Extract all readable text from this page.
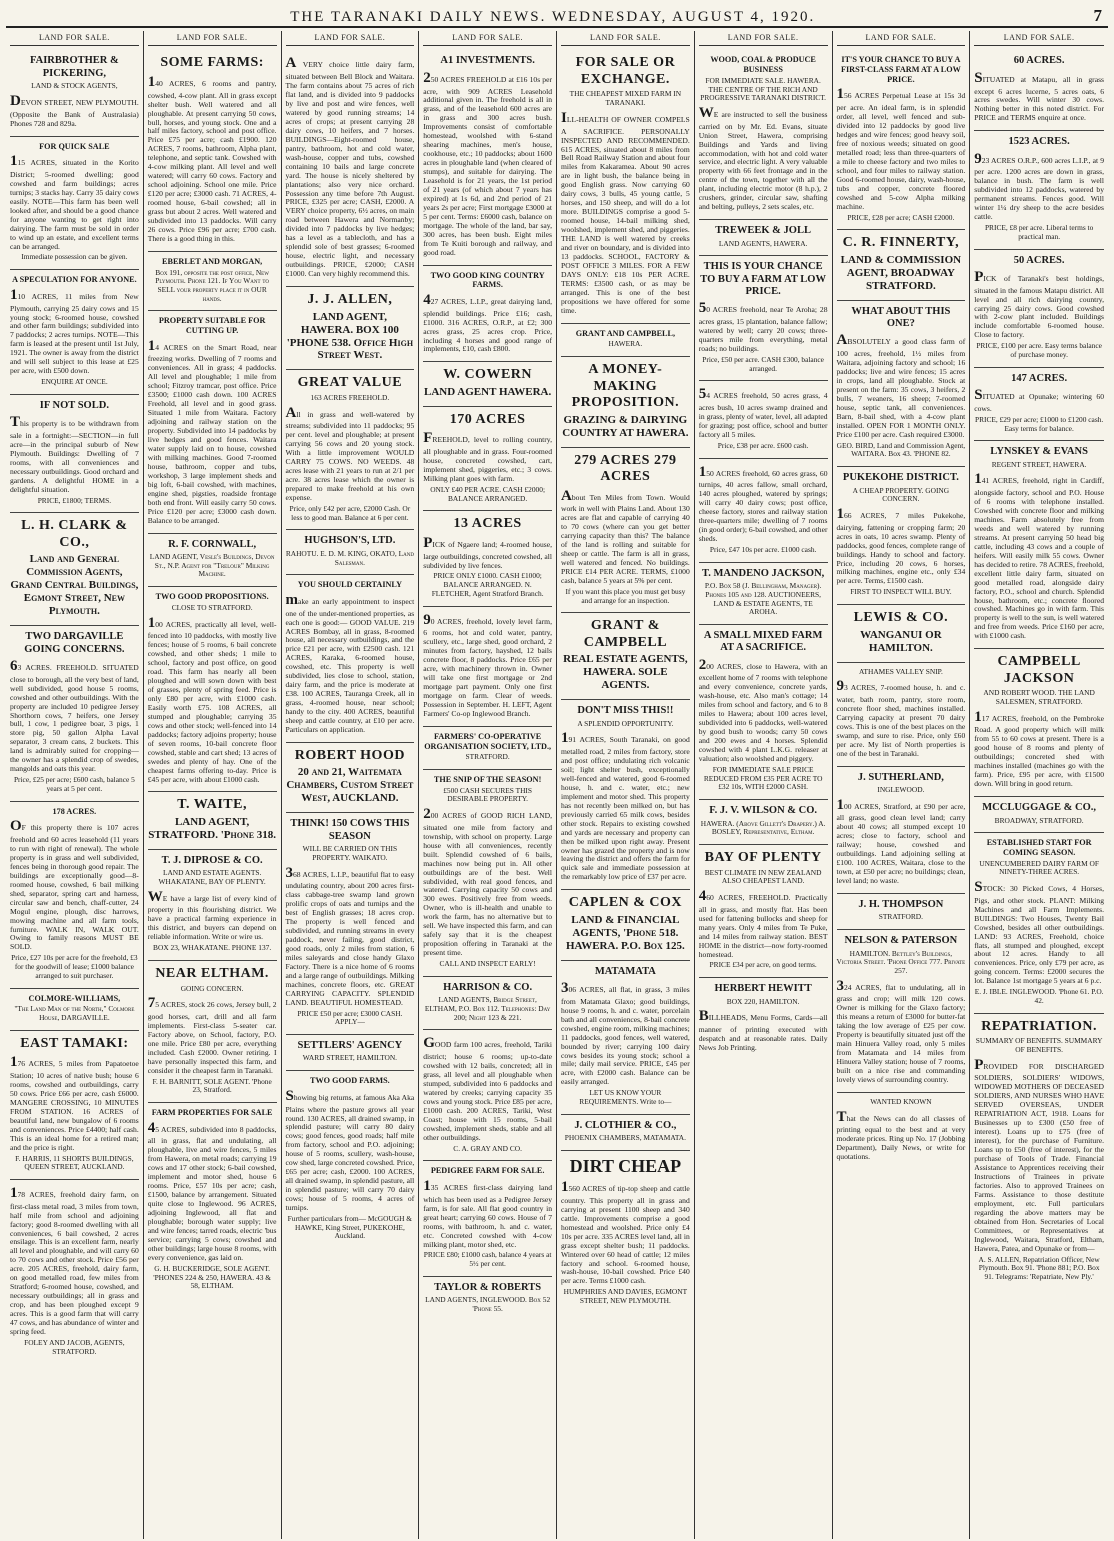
THE TARANAKI DAILY NEWS. WEDNESDAY, AUGUST 4, 1920.	7
LAND FOR SALE.
FAIRBROTHER & PICKERING,
LAND & STOCK AGENTS,
DEVON STREET, NEW PLYMOUTH. (Opposite the Bank of Australasia) Phones 728 and 829a.
FOR QUICK SALE
115 ACRES, situated in the Korito District; 5-roomed dwelling; good cowshed and farm buildings; acres turnips; 3 stacks hay. Carry 35 dairy cows easily. NOTE—This farm has been well looked after, and should be a good chance for anyone wanting to get right into dairying. The farm must be sold in order to wind up an estate, and excellent terms can be arranged.
Immediate possession can be given.
A SPECULATION FOR ANYONE.
110 ACRES, 11 miles from New Plymouth, carrying 25 dairy cows and 15 young stock; 6-roomed house, cowshed and other farm buildings; subdivided into 7 paddocks; 2 acres turnips. NOTE—This farm is leased at the present until 1st July, 1921. The owner is away from the district and will sell subject to this lease at £25 per acre, with £500 down.
ENQUIRE AT ONCE.
IF NOT SOLD.
This property is to be withdrawn from sale in a fortnight:—SECTION—in full acre—in the principal suburb of New Plymouth. Buildings: Dwelling of 7 rooms, with all conveniences and necessary outbuildings. Good orchard and gardens. A delightful HOME in a delightful situation.
PRICE, £1800; TERMS.
L. H. CLARK & CO.,
Land and General Commission Agents, Grand Central Buildings, Egmont Street, New Plymouth.
TWO DARGAVILLE GOING CONCERNS.
63 ACRES. FREEHOLD. SITUATED close to borough, all the very best of land, well subdivided, good house 5 rooms, cowshed and other outbuildings. With the property are included 10 pedigree Jersey Shorthorn cows, 7 heifers, one Jersey bull, 1 cow, 1 pedigree boar, 3 pigs, 1 store pig, 50 gallon Alpha Laval separator, 3 cream cans, 2 buckets. This land is admirably suited for cropping—the owner has a splendid crop of swedes, mangolds and oats this year.
Price, £25 per acre; £600 cash, balance 5 years at 5 per cent.
178 ACRES.
OF this property there is 107 acres freehold and 60 acres leasehold (11 years to run with right of renewal). The whole property is in grass and well subdivided, fences being in thorough good repair. The buildings are exceptionally good—8-roomed house, cowshed, 6 bail milking shed, separator, spring cart and harness, circular saw and bench, chaff-cutter, 24 Mogul engine, plough, disc harrows, mowing machine and all farm tools, furniture. WALK IN, WALK OUT. Owing to family reasons MUST BE SOLD.
Price, £27 10s per acre for the freehold, £3 for the goodwill of lease; £1000 balance arranged to suit purchaser.
COLMORE-WILLIAMS,
"The Land Man of the North," Colmore House, DARGAVILLE.
EAST TAMAKI:
176 ACRES, 5 miles from Papatoetoe Station; 10 acres of native bush; house 6 rooms, cowshed and outbuildings, carry 50 cows. Price £66 per acre, cash £6000. MANGERE CROSSING, 10 MINUTES FROM STATION. 16 ACRES of beautiful land, new bungalow of 6 rooms and conveniences. Price £4400; half cash. This is an ideal home for a retired man; and the price is right.
F. HARRIS, 11 SHORTS BUILDINGS, QUEEN STREET, AUCKLAND.
178 ACRES, freehold dairy farm, on first-class metal road, 3 miles from town, half mile from school and adjoining factory; good 8-roomed dwelling with all conveniences, 6 bail cowshed, 2 acres ensilage. This is an excellent farm, nearly all level and ploughable, and will carry 60 to 70 cows and other stock. Price £56 per acre. 205 ACRES, freehold, dairy farm, on good metalled road, few miles from Stratford; 6-roomed house, cowshed, and necessary outbuildings; all in grass and crop, and has been ploughed except 9 acres. This is a good farm that will carry 47 cows, and has abundance of winter and spring feed.
FOLEY AND JACOB, AGENTS, STRATFORD.
LAND FOR SALE.
SOME FARMS:
140 ACRES, 6 rooms and pantry, cowshed, 4-cow plant. All in grass except shelter bush. Well watered and all ploughable. At present carrying 50 cows, bull, horses, and young stock. One and a half miles factory, school and post office. Price £75 per acre; cash £1900. 120 ACRES, 7 rooms, bathroom, Alpha plant, telephone, and septic tank. Cowshed with 4-cow milking plant. All level and well watered; will carry 60 cows. Factory and school adjoining. School one mile. Price £120 per acre; £3000 cash. 71 ACRES, 4-roomed house, 6-bail cowshed; all in grass but about 2 acres. Well watered and subdivided into 13 paddocks. Will carry 26 cows. Price £96 per acre; £700 cash. There is a good thing in this.
EBERLET AND MORGAN,
Box 191, opposite the post office, New Plymouth. Phone 121. If You Want to SELL your property place it in OUR hands.
PROPERTY SUITABLE FOR CUTTING UP.
14 ACRES on the Smart Road, near freezing works. Dwelling of 7 rooms and conveniences. All in grass; 4 paddocks. All level and ploughable; 1 mile from school; Fitzroy tramcar, post office. Price £3500; £1000 cash down. 100 ACRES Freehold, all level and in good grass. Situated 1 mile from Waitara. Factory adjoining and railway station on the property. Subdivided into 14 paddocks by live hedges and good fences. Waitara water supply laid on to house, cowshed with milking machines. Good 7-roomed house, bathroom, copper and tubs, workshop, 3 large implement sheds and big loft, 6-bail cowshed, with machines, engine shed, pigsties, roadside frontage both end front. Will easily carry 50 cows. Price £120 per acre; £3000 cash down. Balance to be arranged.
R. F. CORNWALL,
LAND AGENT, Vesle's Buildings, Devon St., N.P. Agent for "Trelour" Milking Machine.
TWO GOOD PROPOSITIONS.
CLOSE TO STRATFORD.
100 ACRES, practically all level, well-fenced into 10 paddocks, with mostly live fences; house of 5 rooms, 6 bail concrete cowshed, and other sheds; 1 mile to school, factory and post office, on good road. This farm has nearly all been ploughed and will sown down with best of grasses, plenty of spring feed. Price is only £80 per acre, with £1000 cash. Easily worth £75. 108 ACRES, all stumped and ploughable; carrying 35 cows and other stock; well-fenced into 14 paddocks; factory adjoins property; house of seven rooms, 10-bail concrete floor cowshed, stable and cart shed; 13 acres of swedes and plenty of hay. One of the cheapest farms offering to-day. Price is £45 per acre, with about £1000 cash.
T. WAITE,
LAND AGENT, STRATFORD. 'Phone 318.
T. J. DIPROSE & CO.
LAND AND ESTATE AGENTS. WHAKATANE, BAY OF PLENTY.
WE have a large list of every kind of property in this flourishing district. We have a practical farming experience in this district, and buyers can depend on reliable information. Write or wire us.
BOX 23, WHAKATANE. PHONE 137.
NEAR ELTHAM.
GOING CONCERN.
75 ACRES, stock 26 cows, Jersey bull, 2 good horses, cart, drill and all farm implements. First-class 5-seater car. Factory above, on School, factory, P.O. one mile. Price £80 per acre, everything included. Cash £2000. Owner retiring. I have personally inspected this farm, and consider it the cheapest farm in Taranaki.
F. H. BARNITT, SOLE AGENT. 'Phone 23, Stratford.
FARM PROPERTIES FOR SALE
45 ACRES, subdivided into 8 paddocks, all in grass, flat and undulating, all ploughable, live and wire fences, 5 miles from Hawera, on metal roads; carrying 19 cows and 17 other stock; 6-bail cowshed, implement and motor shed, house 6 rooms. Price, £57 10s per acre; cash, £1500, balance by arrangement. Situated quite close to Inglewood. 96 ACRES, adjoining Inglewood, all flat and ploughable; borough water supply; live and wire fences; tarred roads, electric 'bus service; carrying 5 cows; cowshed and other buildings; large house 8 rooms, with every convenience, gas laid on.
G. H. BUCKERIDGE, SOLE AGENT. 'PHONES 224 & 250, HAWERA. 43 & 58, ELTHAM.
LAND FOR SALE.
A VERY choice little dairy farm, situated between Bell Block and Waitara. The farm contains about 75 acres of rich flat land, and is divided into 9 paddocks by live and post and wire fences, well watered by good running streams; 14 acres of crops; at present carrying 28 dairy cows, 10 heifers, and 7 horses. BUILDINGS—Eight-roomed house, pantry, bathroom, hot and cold water, wash-house, copper and tubs, cowshed containing 10 bails and large concrete yard. The house is nicely sheltered by plantations; also very nice orchard. Possession any time before 7th August. PRICE, £325 per acre; CASH, £2000. A VERY choice property, 6½ acres, on main road between Hawera and Normanby; divided into 7 paddocks by live hedges; has a level as a tablecloth, and has a splendid sole of best grasses; 6-roomed house, electric light, and necessary outbuildings. PRICE, £2000; CASH £1000. Can very highly recommend this.
J. J. ALLEN,
LAND AGENT, HAWERA. BOX 100 'PHONE 538. Office High Street West.
GREAT VALUE
163 ACRES FREEHOLD.
All in grass and well-watered by streams; subdivided into 11 paddocks; 95 per cent. level and ploughable; at present carrying 56 cows and 20 young stock. With a little improvement WOULD CARRY 75 COWS. NO WEEDS. 48 acres lease with 21 years to run at 2/1 per acre. 38 acres lease which the owner is prepared to make freehold at his own expense.
Price, only £42 per acre, £2000 Cash. Or less to good man. Balance at 6 per cent.
HUGHSON'S, LTD.
RAHOTU. E. D. M. KING, OKATO, Land Salesman.
YOU SHOULD CERTAINLY
make an early appointment to inspect one of the under-mentioned properties, as each one is good:— GOOD VALUE. 219 ACRES Bombay, all in grass, 8-roomed house, all necessary outbuildings, and the price £21 per acre, with £2500 cash. 121 ACRES, Karaka, 6-roomed house, cowshed, etc. This property is well subdivided, lies close to school, station, dairy farm, and the price is moderate at £38. 100 ACRES, Tauranga Creek, all in grass, 4-roomed house, near school; handy to the city. 400 ACRES, beautiful sheep and cattle country, at £10 per acre. Particulars on application.
ROBERT HOOD
20 and 21, Waitemata Chambers, Custom Street West, AUCKLAND.
THINK! 150 COWS THIS SEASON
WILL BE CARRIED ON THIS PROPERTY. WAIKATO.
368 ACRES, L.I.P., beautiful flat to easy undulating country, about 200 acres first-class cabbage-tree swamp land grown prolific crops of oats and turnips and the best of English grasses; 18 acres crop. The property is well fenced and subdivided, and running streams in every paddock, never failing, good district, good roads, only 2 miles from station, 6 miles saleyards and close handy Glaxo Factory. There is a nice home of 6 rooms and a large range of outbuildings. Milking machines, concrete floors, etc. GREAT CARRYING CAPACITY. SPLENDID LAND. BEAUTIFUL HOMESTEAD.
PRICE £50 per acre; £3000 CASH. APPLY—
SETTLERS' AGENCY
WARD STREET, HAMILTON.
TWO GOOD FARMS.
Showing big returns, at famous Aka Aka Plains where the pasture grows all year round. 130 ACRES, all drained swamp, in splendid pasture; will carry 80 dairy cows; good fences, good roads; half mile from factory, school and P.O. adjoining; house of 5 rooms, scullery, wash-house, cow shed, large concreted cowshed. Price, £65 per acre; cash, £2000. 100 ACRES, all drained swamp, in splendid pasture, all in splendid pasture; will carry 70 dairy cows; house of 5 rooms, 4 acres of turnips.
Further particulars from— McGOUGH & HAWKE, King Street, PUKEKOHE, Auckland.
LAND FOR SALE.
A1 INVESTMENTS.
250 ACRES FREEHOLD at £16 10s per acre, with 909 ACRES Leasehold additional given in. The freehold is all in grass, and of the leasehold 600 acres are in grass and 300 acres bush. Improvements consist of comfortable homestead, woolshed with 6-stand shearing machines, men's house, cookhouse, etc.; 10 paddocks; about 1600 acres in ploughable land (when cleared of stumps), and suitable for dairying. The Leasehold is for 21 years, the 1st period of 21 years (of which about 7 years has expired) at 1s 6d, and 2nd period of 21 years 2s per acre; First mortgage £3000 at 5 per cent. Terms: £6000 cash, balance on mortgage. The whole of the land, bar say, 300 acres, has been bush. Eight miles from Te Kuiti borough and railway, and good road.
TWO GOOD KING COUNTRY FARMS.
427 ACRES, L.I.P., great dairying land, splendid buildings. Price £16; cash, £1000. 316 ACRES, O.R.P., at £2; 300 acres grass, 25 acres crop. Price, including 4 horses and good range of implements, £10, cash £800.
W. COWERN
LAND AGENT HAWERA.
170 ACRES
FREEHOLD, level to rolling country, all ploughable and in grass. Four-roomed house, concreted cowshed, cart, implement shed, piggeries, etc.; 3 cows. Milking plant goes with farm.
ONLY £40 PER ACRE. CASH £2000; BALANCE ARRANGED.
13 ACRES
PICK of Ngaere land; 4-roomed house, large outbuildings, concreted cowshed, all subdivided by live fences.
PRICE ONLY £1000. CASH £1000; BALANCE ARRANGED. N. FLETCHER, Agent Stratford Branch.
90 ACRES, freehold, lovely level farm, 6 rooms, hot and cold water, pantry, scullery, etc., large shed, good orchard, 2 minutes from factory, hayshed, 12 bails concrete floor, 8 paddocks. Price £65 per acre, with machinery thrown in. Owner will take one first mortgage or 2nd mortgage part payment. Only one first mortgage on farm. Clear of weeds. Possession in September. H. LEFT, Agent Farmers' Co-op Inglewood Branch.
FARMERS' CO-OPERATIVE ORGANISATION SOCIETY, LTD.,
STRATFORD.
THE SNIP OF THE SEASON!
£500 CASH SECURES THIS DESIRABLE PROPERTY.
200 ACRES of GOOD RICH LAND, situated one mile from factory and township, with school on property. Large house with all conveniences, recently built. Splendid cowshed of 6 bails, machines now being put in. All other outbuildings are of the best. Well subdivided, with real good fences, and watered. Carrying capacity 50 cows and 300 ewes. Positively free from weeds. Owner, who is ill-health and unable to work the farm, has no alternative but to sell. We have inspected this farm, and can safely say that it is the cheapest proposition offering in Taranaki at the present time.
CALL AND INSPECT EARLY!
HARRISON & CO.
LAND AGENTS, Bridge Street, ELTHAM, P.O. Box 112. Telephones: Day 200; Night 123 & 221.
GOOD farm 100 acres, freehold, Tariki district; house 6 rooms; up-to-date cowshed with 12 bails, concreted; all in grass, all level and all ploughable when stumped, subdivided into 6 paddocks and watered by creeks; carrying capacity 35 cows and young stock. Price £85 per acre, £1000 cash. 200 ACRES, Tariki, West Coast; house with 15 rooms, 5-bail cowshed, implement sheds, stable and all other outbuildings.
C. A. GRAY AND CO.
PEDIGREE FARM FOR SALE.
135 ACRES first-class dairying land which has been used as a Pedigree Jersey farm, is for sale. All flat good country in great heart; carrying 60 cows. House of 7 rooms, with bathroom, h. and c. water, etc. Concreted cowshed with 4-cow milking plant, motor shed, etc.
PRICE £80; £1000 cash, balance 4 years at 5½ per cent.
TAYLOR & ROBERTS
LAND AGENTS, INGLEWOOD. Box 52 'Phone 55.
LAND FOR SALE.
FOR SALE OR EXCHANGE.
THE CHEAPEST MIXED FARM IN TARANAKI.
ILL-HEALTH OF OWNER COMPELS A SACRIFICE. PERSONALLY INSPECTED AND RECOMMENDED. 615 ACRES, situated about 8 miles from Bell Road Railway Station and about four miles from Kakaramea. About 90 acres are in light bush, the balance being in good English grass. Now carrying 60 dairy cows, 3 bulls, 45 young cattle, 5 horses, and 150 sheep, and will do a lot more. BUILDINGS comprise a good 5-roomed house, 14-bail milking shed, woolshed, implement shed, and piggeries. THE LAND is well watered by creeks and river on boundary, and is divided into 13 paddocks. SCHOOL, FACTORY & POST OFFICE 3 MILES. FOR A FEW DAYS ONLY: £18 10s PER ACRE. TERMS: £3500 cash, or as may be arranged. This is one of the best propositions we have offered for some time.
GRANT AND CAMPBELL,
HAWERA.
A MONEY-MAKING PROPOSITION.
GRAZING & DAIRYING COUNTRY AT HAWERA.
279 ACRES 279 ACRES
About Ten Miles from Town. Would work in well with Plains Land. About 130 acres are flat and capable of carrying 40 to 70 cows (where can you get better carrying capacity than this? The balance of the land is rolling and suitable for sheep or cattle. The farm is all in grass, well watered and fenced. No buildings. PRICE £14 PER ACRE. TERMS, £1000 cash, balance 5 years at 5% per cent.
If you want this place you must get busy and arrange for an inspection.
GRANT & CAMPBELL
REAL ESTATE AGENTS, HAWERA. SOLE AGENTS.
DON'T MISS THIS!!
A SPLENDID OPPORTUNITY.
191 ACRES, South Taranaki, on good metalled road, 2 miles from factory, store and post office; undulating rich volcanic soil; light shelter bush, exceptionally well-fenced and watered, good 6-roomed house, h. and c. water, etc.; new implement and motor shed. This property has not recently been milked on, but has previously carried 65 milk cows, besides other stock. Repairs to existing cowshed and yards are necessary and property can then be milked upon right away. Present owner has grazed the property and is now leaving the district and offers the farm for quick sale and immediate possession at the remarkably low price of £37 per acre.
CAPLEN & COX
LAND & FINANCIAL AGENTS, 'Phone 518. HAWERA. P.O. Box 125.
MATAMATA
306 ACRES, all flat, in grass, 3 miles from Matamata Glaxo; good buildings, house 9 rooms, h. and c. water, porcelain bath and all conveniences, 8-bail concrete cowshed, engine room, milking machines; 11 paddocks, good fences, well watered, bounded by river; carrying 100 dairy cows besides its young stock; school a mile; daily mail service. PRICE, £45 per acre, with £2000 cash. Balance can be easily arranged.
LET US KNOW YOUR REQUIREMENTS. Write to—
J. CLOTHIER & CO.,
PHOENIX CHAMBERS, MATAMATA.
DIRT CHEAP
1560 ACRES of tip-top sheep and cattle country. This property all in grass and carrying at present 1100 sheep and 340 cattle. Improvements comprise a good homestead and woolshed. Price only £4 10s per acre. 335 ACRES level land, all in grass except shelter bush; 11 paddocks. Wintered over 60 head of cattle; 12 miles factory and school. 6-roomed house, wash-house, 10-bail cowshed. Price £40 per acre. Terms £1000 cash.
HUMPHRIES AND DAVIES, EGMONT STREET, NEW PLYMOUTH.
LAND FOR SALE.
WOOD, COAL & PRODUCE BUSINESS
FOR IMMEDIATE SALE. HAWERA. THE CENTRE OF THE RICH AND PROGRESSIVE TARANAKI DISTRICT.
WE are instructed to sell the business carried on by Mr. Ed. Evans, situate Union Street, Hawera, comprising Buildings and Yards and living accommodation, with hot and cold water service, and electric light. A very valuable property with 66 feet frontage and in the centre of the town, together with all the plant, including electric motor (8 h.p.), 2 crushers, grinder, circular saw, shafting and belting, pulleys, 2 sets scales, etc.
TREWEEK & JOLL
LAND AGENTS, HAWERA.
THIS IS YOUR CHANCE TO BUY A FARM AT LOW PRICE.
50 ACRES freehold, near Te Aroha; 28 acres grass, 15 plantation, balance fallow; watered by well; carry 20 cows; three-quarters mile from everything, metal roads; no buildings.
Price, £50 per acre. CASH £300, balance arranged.
54 ACRES freehold, 50 acres grass, 4 acres bush, 10 acres swamp drained and in grass, plenty of water, level, all adapted for grazing; post office, school and butter factory all 5 miles.
Price, £38 per acre. £600 cash.
150 ACRES freehold, 60 acres grass, 60 turnips, 40 acres fallow, small orchard, 140 acres ploughed, watered by springs; will carry 40 dairy cows; post office, cheese factory, stores and railway station three-quarters mile; dwelling of 7 rooms (in good order); 6-bail cowshed, and other sheds.
Price, £47 10s per acre. £1000 cash.
T. MANDENO JACKSON,
P.O. Box 58 (J. Bellingham, Manager). Phones 105 and 128. AUCTIONEERS, LAND & ESTATE AGENTS, TE AROHA.
A SMALL MIXED FARM AT A SACRIFICE.
200 ACRES, close to Hawera, with an excellent home of 7 rooms with telephone and every convenience, concrete yards, wash-house, etc. Also man's cottage; 14 miles from school and factory, and 6 to 8 miles to Hawera; about 100 acres level, subdivided into 6 paddocks, well-watered by good bush to woods; carry 50 cows and 200 ewes and 4 horses. Splendid cowshed with 4 plant L.K.G. releaser at valuation; also woolshed and piggery.
FOR IMMEDIATE SALE PRICE REDUCED FROM £35 PER ACRE TO £32 10s, WITH £2000 CASH.
F. J. V. WILSON & CO.
HAWERA. (Above Gillett's Drapery.) A. BOSLEY, Representative, Eltham.
BAY OF PLENTY
BEST CLIMATE IN NEW ZEALAND ALSO CHEAPEST LAND.
460 ACRES, FREEHOLD. Practically all in grass, and mostly flat. Has been used for fattening bullocks and sheep for many years. Only 4 miles from Te Puke, and 14 miles from railway station. BEST HOME in the district—now forty-roomed homestead.
PRICE £34 per acre, on good terms.
HERBERT HEWITT
BOX 220, HAMILTON.
BILLHEADS, Menu Forms, Cards—all manner of printing executed with despatch and at reasonable rates. Daily News Job Printing.
LAND FOR SALE.
IT'S YOUR CHANCE TO BUY A FIRST-CLASS FARM AT A LOW PRICE.
156 ACRES Perpetual Lease at 15s 3d per acre. An ideal farm, is in splendid order, all level, well fenced and sub-divided into 12 paddocks by good live hedges and wire fences; good heavy soil, free of noxious weeds; situated on good metalled road; less than three-quarters of a mile to cheese factory and two miles to school, and four miles to railway station. Good 6-roomed house, dairy, wash-house, tubs and copper, concrete floored cowshed and 5-cow Alpha milking machine.
PRICE, £28 per acre; CASH £2000.
C. R. FINNERTY,
LAND & COMMISSION AGENT, BROADWAY STRATFORD.
WHAT ABOUT THIS ONE?
ABSOLUTELY a good class farm of 100 acres, freehold, 1½ miles from Waitara, adjoining factory and school; 16 paddocks; live and wire fences; 15 acres in crops, land all ploughable. Stock at present on the farm: 35 cows, 3 heifers, 2 bulls, 7 weaners, 16 sheep; 7-roomed house, septic tank, all conveniences. Barn, 8-bail shed, with a 4-cow plant installed. OPEN FOR 1 MONTH ONLY. Price £100 per acre. Cash required £3000.
GEO. BIRD, Land and Commission Agent, WAITARA. Box 43. 'PHONE 82.
PUKEKOHE DISTRICT.
A CHEAP PROPERTY. GOING CONCERN.
166 ACRES, 7 miles Pukekohe, dairying, fattening or cropping farm; 20 acres in oats, 10 acres swamp. Plenty of paddocks, good fences, complete range of buildings. Handy to school and factory. Price, including 20 cows, 6 horses, milking machines, engine etc., only £34 per acre. Terms, £1500 cash.
FIRST TO INSPECT WILL BUY.
LEWIS & CO.
WANGANUI OR HAMILTON.
ATHAMES VALLEY SNIP.
93 ACRES, 7-roomed house, h. and c. water, bath room, pantry, store room, concrete floor shed, machines installed. Carrying capacity at present 70 dairy cows. This is one of the best places on the swamp, and sure to rise. Price, only £60 per acre. My list of North properties is one of the best in Taranaki.
J. SUTHERLAND,
INGLEWOOD.
100 ACRES, Stratford, at £90 per acre, all grass, good clean level land; carry about 40 cows; all stumped except 10 acres; close to factory, school and railway; house, cowshed and outbuildings. Land adjoining selling at £100. 100 ACRES, Waitara, close to the town, at £50 per acre; no buildings; clean, level land; no waste.
J. H. THOMPSON
STRATFORD.
NELSON & PATERSON
HAMILTON. Bettley's Buildings, Victoria Street. 'Phone Office 777. Private 257.
324 ACRES, flat to undulating, all in grass and crop; will milk 120 cows. Owner is milking for the Glaxo factory; this means a return of £3000 for butter-fat taking the low average of £25 per cow. Property is beautifully situated just off the main Hinuera Valley road, only 5 miles from Matamata and 14 miles from Hinuera Valley station; house of 7 rooms, built on a nice rise and commanding lovely views of surrounding country.
WANTED KNOWN
That the News can do all classes of printing equal to the best and at very moderate prices. Ring up No. 17 (Jobbing Department), Daily News, or write for quotations.
LAND FOR SALE.
60 ACRES.
SITUATED at Matapu, all in grass except 6 acres lucerne, 5 acres oats, 6 acres swedes. Will winter 30 cows. Nothing better in this noted district. For PRICE and TERMS enquire at once.
1523 ACRES.
923 ACRES O.R.P., 600 acres L.I.P., at 9 per acre. 1200 acres are down in grass, balance in bush. The farm is well subdivided into 12 paddocks, watered by permanent streams. Fences good. Will winter 1¼ dry sheep to the acre besides cattle.
PRICE, £8 per acre. Liberal terms to practical man.
50 ACRES.
PICK of Taranaki's best holdings, situated in the famous Matapu district. All level and all rich dairying country, carrying 25 dairy cows. Good cowshed with 2-cow plant included. Buildings include comfortable 6-roomed house. Close to factory.
PRICE, £100 per acre. Easy terms balance of purchase money.
147 ACRES.
SITUATED at Opunake; wintering 60 cows.
PRICE, £29 per acre; £1000 to £1200 cash. Easy terms for balance.
LYNSKEY & EVANS
REGENT STREET, HAWERA.
141 ACRES, freehold, right in Cardiff, alongside factory, school and P.O. House of 6 rooms with telephone installed. Cowshed with concrete floor and milking machines. Farm absolutely free from weeds and well watered by running streams. At present carrying 50 head big cattle, including 43 cows and a couple of heifers. Will easily milk 55 cows. Owner has decided to retire. 78 ACRES, freehold, excellent little dairy farm, situated on good metalled road, alongside dairy factory, P.O., school and church. Splendid house, bathroom, etc.; concrete floored cowshed. Machines go in with farm. This property is well to the sun, is well watered and free from weeds. Price £160 per acre, with £1000 cash.
CAMPBELL JACKSON
AND ROBERT WOOD. THE LAND SALESMEN, STRATFORD.
117 ACRES, freehold, on the Pembroke Road. A good property which will milk from 55 to 60 cows at present. There is a good house of 8 rooms and plenty of outbuildings; concreted shed with machines installed (machines go with the farm). Price, £95 per acre, with £1500 down. Will bring in good return.
MCCLUGGAGE & CO.,
BROADWAY, STRATFORD.
ESTABLISHED START FOR COMING SEASON.
UNENCUMBERED DAIRY FARM OF NINETY-THREE ACRES.
STOCK: 30 Picked Cows, 4 Horses, Pigs, and other stock. PLANT: Milking Machines and all Farm Implements. BUILDINGS: Two Houses, Twenty Bail Cowshed, besides all other outbuildings. LAND: 93 ACRES, Freehold, choice flats, all stumped and ploughed, except about 12 acres. Handy to all conveniences. Price, only £79 per acre, as going concern. Terms: £2000 secures the lot. Balance 1st mortgage 5 years at 6 p.c.
E. J. IBLE. INGLEWOOD. 'Phone 61. P.O. 42.
REPATRIATION.
SUMMARY OF BENEFITS. SUMMARY OF BENEFITS.
PROVIDED FOR DISCHARGED SOLDIERS, SOLDIERS' WIDOWS, WIDOWED MOTHERS OF DECEASED SOLDIERS, AND NURSES WHO HAVE SERVED OVERSEAS, UNDER REPATRIATION ACT, 1918. Loans for Businesses up to £300 (£50 free of interest). Loans up to £75 (free of interest), for the purchase of Furniture. Loans up to £50 (free of interest), for the purchase of Tools of Trade. Financial Assistance to Apprentices receiving their Instructions of Trainees in private factories. Also to approved Trainees on Farms. Assistance to those destitute employment, etc. Full particulars regarding the above matters may be obtained from Hon. Secretaries of Local Committees, or Representatives at Inglewood, Waitara, Stratford, Eltham, Hawera, Patea, and Opunake or from—
A. S. ALLEN, Repatriation Officer, New Plymouth. Box 91. 'Phone 881; P.O. Box 91. Telegrams: 'Repatriate, New Ply.'
